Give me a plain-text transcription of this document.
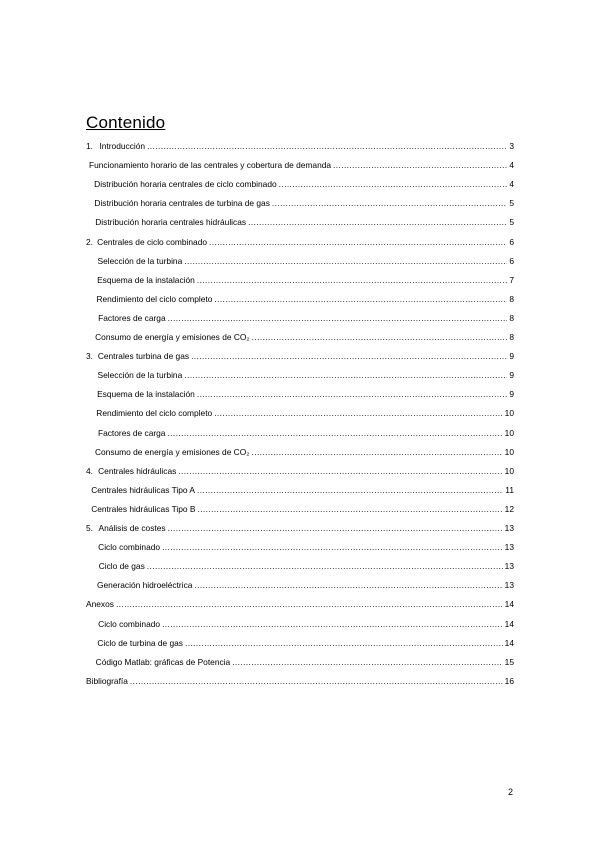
Contenido
1. Introducción .....	3
Funcionamiento horario de las centrales y cobertura de demanda .....	4
Distribución horaria centrales de ciclo combinado .....	4
Distribución horaria centrales de turbina de gas .....	5
Distribución horaria centrales hidráulicas .....	5
2. Centrales de ciclo combinado .....	6
Selección de la turbina .....	6
Esquema de la instalación .....	7
Rendimiento del ciclo completo .....	8
Factores de carga .....	8
Consumo de energía y emisiones de CO₂ .....	8
3. Centrales turbina de gas .....	9
Selección de la turbina .....	9
Esquema de la instalación .....	9
Rendimiento del ciclo completo .....	10
Factores de carga .....	10
Consumo de energía y emisiones de CO₂ .....	10
4. Centrales hidráulicas .....	10
Centrales hidráulicas Tipo A .....	11
Centrales hidráulicas Tipo B .....	12
5. Análisis de costes .....	13
Ciclo combinado .....	13
Ciclo de gas .....	13
Generación hidroeléctrica .....	13
Anexos .....	14
Ciclo combinado .....	14
Ciclo de turbina de gas .....	14
Código Matlab: gráficas de Potencia .....	15
Bibliografía .....	16
2
